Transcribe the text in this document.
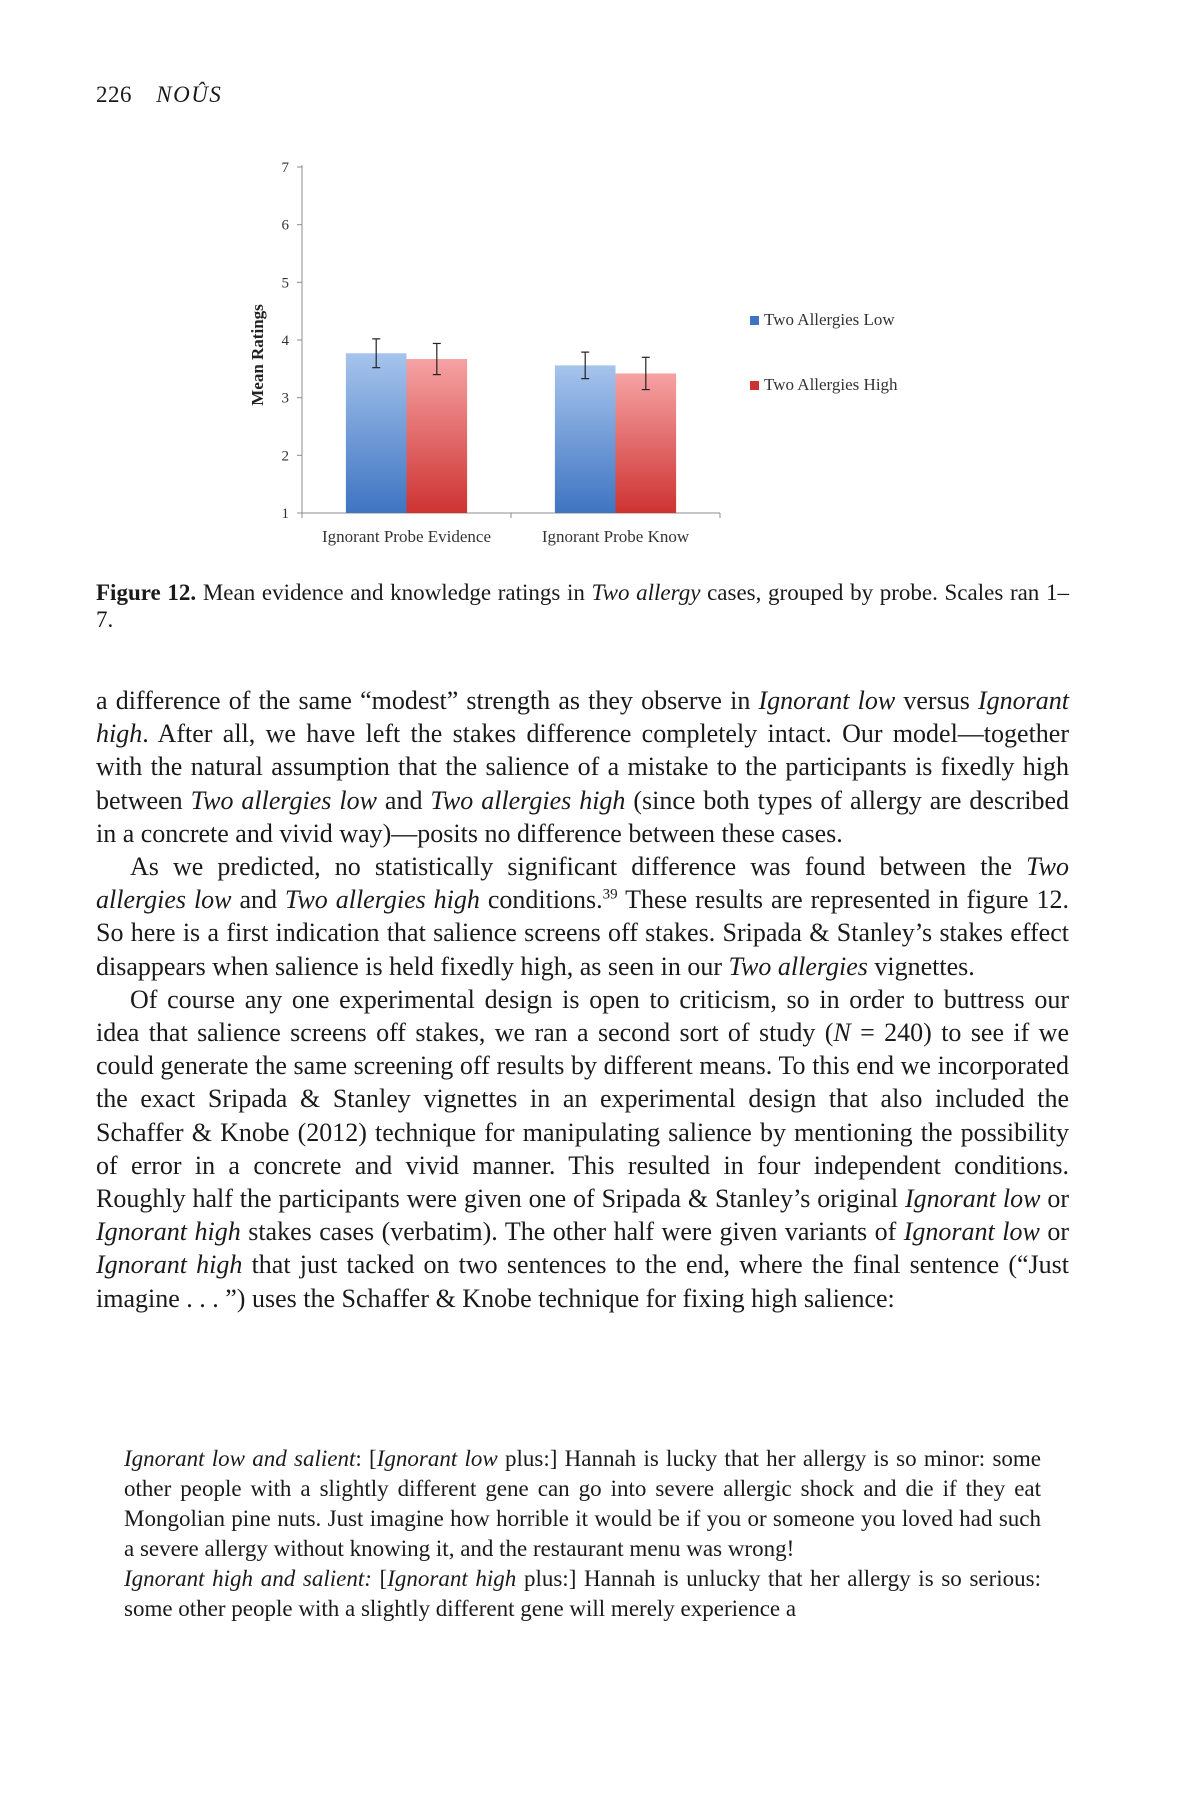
226 NOÛS
1
2
3
4
5
6
7
Ignorant Probe Evidence	Ignorant Probe Know
Two Allergies Low
Two Allergies High
Mean Ratings
Figure 12. Mean evidence and knowledge ratings in Two allergy cases, grouped by probe. Scales ran 1–7.

a difference of the same “modest” strength as they observe in Ignorant low versus Ignorant high. After all, we have left the stakes difference completely intact. Our model—together with the natural assumption that the salience of a mistake to the participants is fixedly high between Two allergies low and Two allergies high (since both types of allergy are described in a concrete and vivid way)—posits no difference between these cases.

As we predicted, no statistically significant difference was found between the Two allergies low and Two allergies high conditions.$^{39}$ These results are represented in figure 12. So here is a first indication that salience screens off stakes. Sripada & Stanley’s stakes effect disappears when salience is held fixedly high, as seen in our Two allergies vignettes.

Of course any one experimental design is open to criticism, so in order to buttress our idea that salience screens off stakes, we ran a second sort of study (N = 240) to see if we could generate the same screening off results by different means. To this end we incorporated the exact Sripada & Stanley vignettes in an experimental design that also included the Schaffer & Knobe (2012) technique for manipulating salience by mentioning the possibility of error in a concrete and vivid manner. This resulted in four independent conditions. Roughly half the participants were given one of Sripada & Stanley’s original Ignorant low or Ignorant high stakes cases (verbatim). The other half were given variants of Ignorant low or Ignorant high that just tacked on two sentences to the end, where the final sentence (“Just imagine . . . ”) uses the Schaffer & Knobe technique for fixing high salience:

Ignorant low and salient: [Ignorant low plus:] Hannah is lucky that her allergy is so minor: some other people with a slightly different gene can go into severe allergic shock and die if they eat Mongolian pine nuts. Just imagine how horrible it would be if you or someone you loved had such a severe allergy without knowing it, and the restaurant menu was wrong!

Ignorant high and salient: [Ignorant high plus:] Hannah is unlucky that her allergy is so serious: some other people with a slightly different gene will merely experience a
